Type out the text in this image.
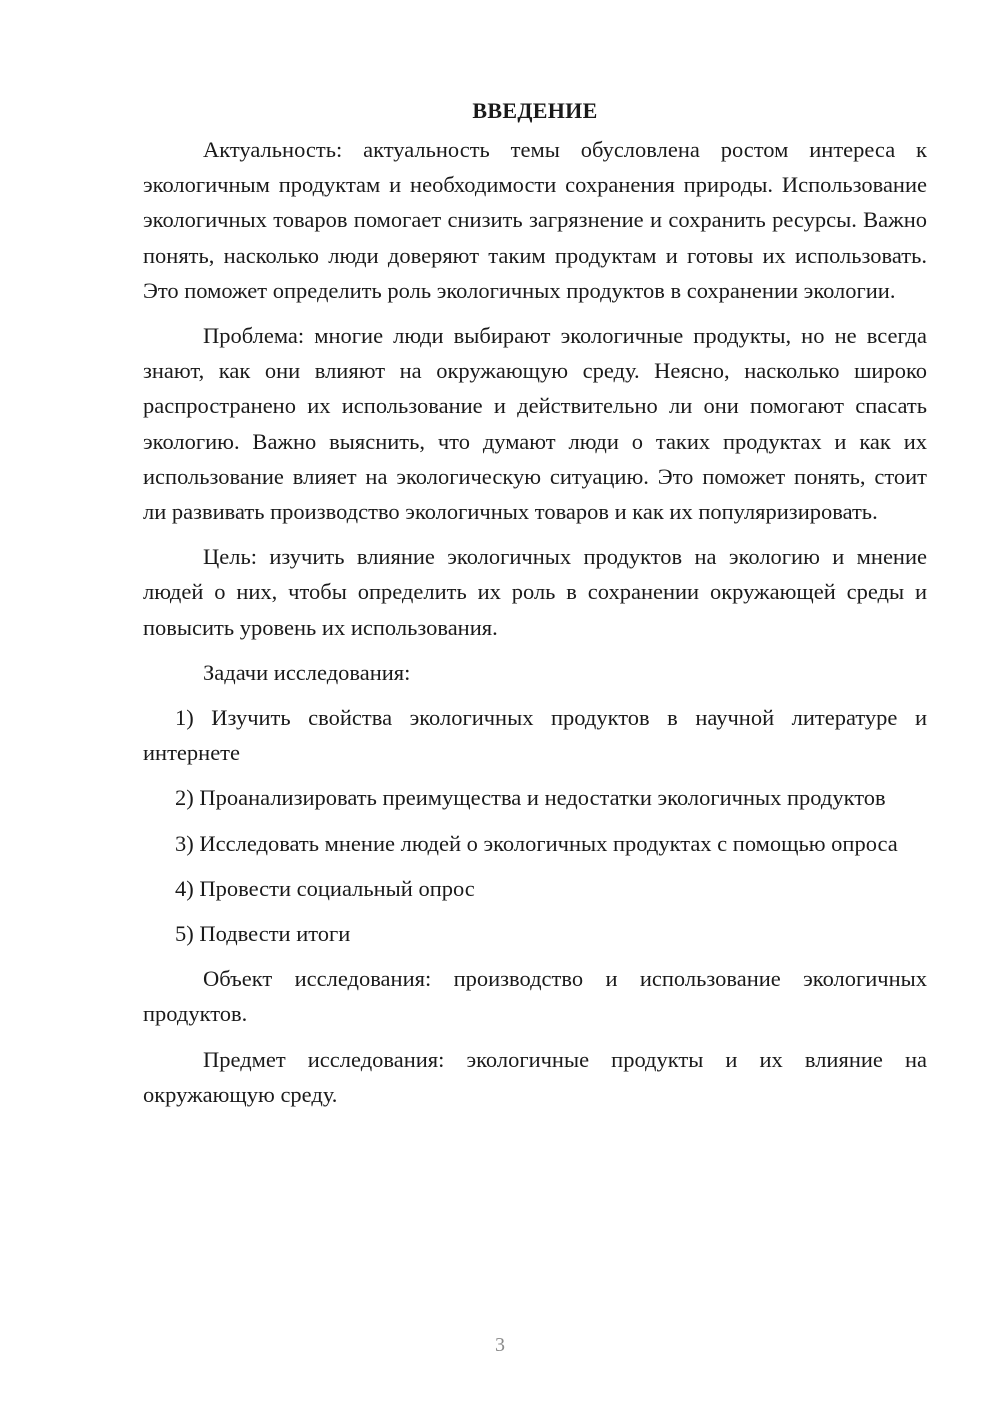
ВВЕДЕНИЕ

Актуальность: актуальность темы обусловлена ростом интереса к экологичным продуктам и необходимости сохранения природы. Использование экологичных товаров помогает снизить загрязнение и сохранить ресурсы. Важно понять, насколько люди доверяют таким продуктам и готовы их использовать. Это поможет определить роль экологичных продуктов в сохранении экологии.

Проблема: многие люди выбирают экологичные продукты, но не всегда знают, как они влияют на окружающую среду. Неясно, насколько широко распространено их использование и действительно ли они помогают спасать экологию. Важно выяснить, что думают люди о таких продуктах и как их использование влияет на экологическую ситуацию. Это поможет понять, стоит ли развивать производство экологичных товаров и как их популяризировать.

Цель: изучить влияние экологичных продуктов на экологию и мнение людей о них, чтобы определить их роль в сохранении окружающей среды и повысить уровень их использования.

Задачи исследования:

1) Изучить свойства экологичных продуктов в научной литературе и интернете

2) Проанализировать преимущества и недостатки экологичных продуктов

3) Исследовать мнение людей о экологичных продуктах с помощью опроса

4) Провести социальный опрос

5) Подвести итоги

Объект исследования: производство и использование экологичных продуктов.

Предмет исследования: экологичные продукты и их влияние на окружающую среду.

3
